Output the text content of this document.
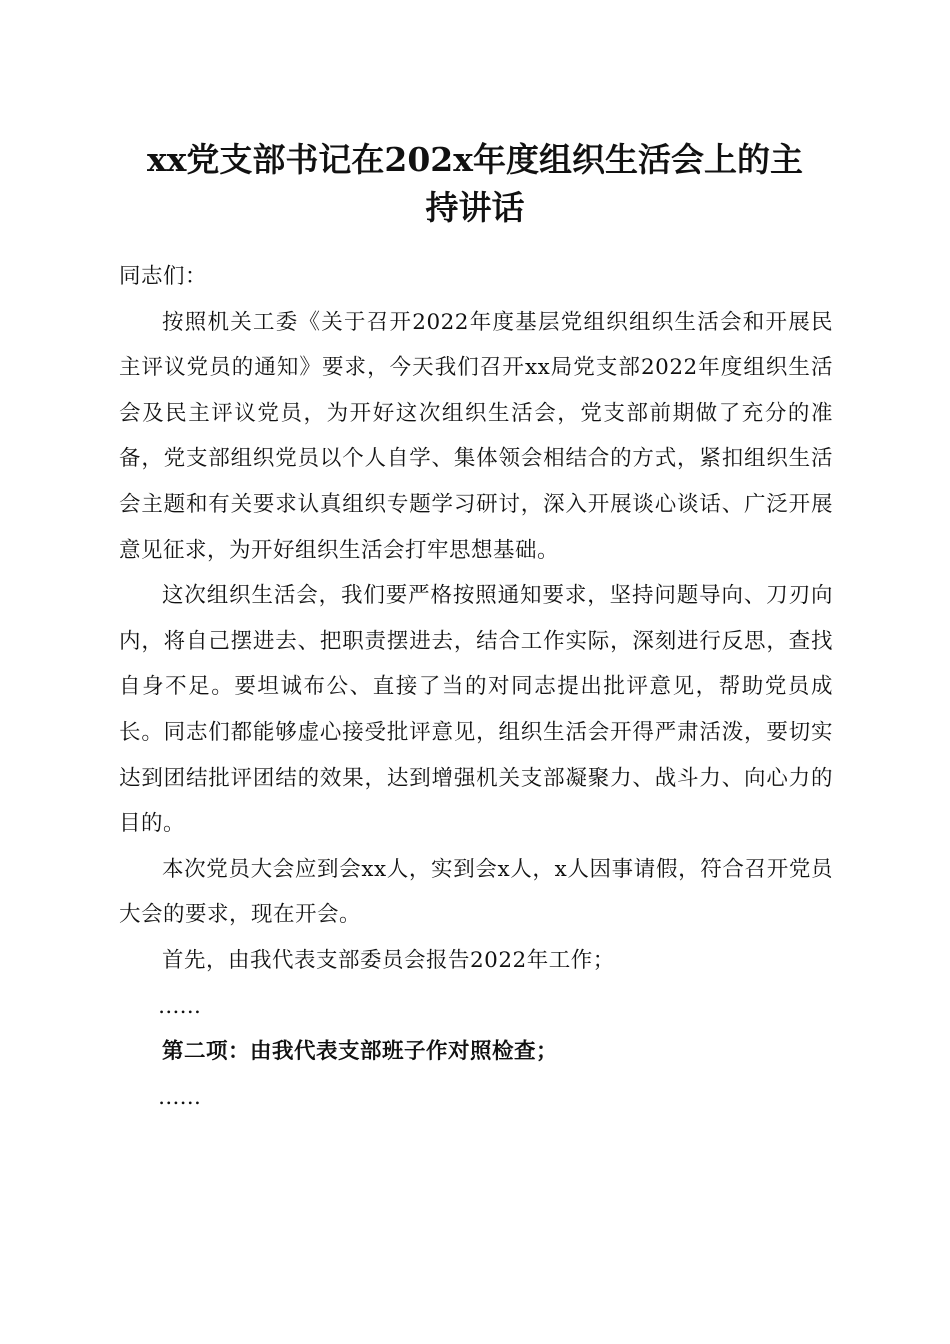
xx党支部书记在202x年度组织生活会上的主
持讲话

同志们：

按照机关工委《关于召开2022年度基层党组织组织生活会和开展民主评议党员的通知》要求，今天我们召开xx局党支部2022年度组织生活会及民主评议党员，为开好这次组织生活会，党支部前期做了充分的准备，党支部组织党员以个人自学、集体领会相结合的方式，紧扣组织生活会主题和有关要求认真组织专题学习研讨，深入开展谈心谈话、广泛开展意见征求，为开好组织生活会打牢思想基础。

这次组织生活会，我们要严格按照通知要求，坚持问题导向、刀刃向内，将自己摆进去、把职责摆进去，结合工作实际，深刻进行反思，查找自身不足。要坦诚布公、直接了当的对同志提出批评意见，帮助党员成长。同志们都能够虚心接受批评意见，组织生活会开得严肃活泼，要切实达到团结批评团结的效果，达到增强机关支部凝聚力、战斗力、向心力的目的。

本次党员大会应到会xx人，实到会x人，x人因事请假，符合召开党员大会的要求，现在开会。

首先，由我代表支部委员会报告2022年工作；

……

第二项：由我代表支部班子作对照检查；

……
